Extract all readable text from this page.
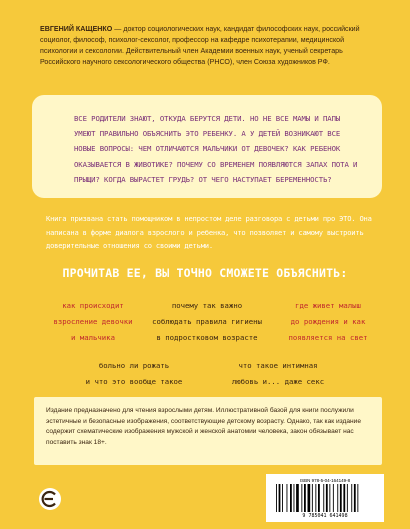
ЕВГЕНИЙ КАЩЕНКО — доктор социологических наук, кандидат философских наук, российский социолог, философ, психолог-сексолог, профессор на кафедре психотерапии, медицинской психологии и сексологии. Действительный член Академии военных наук, ученый секретарь Российского научного сексологического общества (РНСО), член Союза художников РФ.
ВСЕ РОДИТЕЛИ ЗНАЮТ, ОТКУДА БЕРУТСЯ ДЕТИ. НО НЕ ВСЕ МАМЫ И ПАПЫ УМЕЮТ ПРАВИЛЬНО ОБЪЯСНИТЬ ЭТО РЕБЕНКУ. А У ДЕТЕЙ ВОЗНИКАЮТ ВСЕ НОВЫЕ ВОПРОСЫ: ЧЕМ ОТЛИЧАЮТСЯ МАЛЬЧИКИ ОТ ДЕВОЧЕК? КАК РЕБЕНОК ОКАЗЫВАЕТСЯ В ЖИВОТИКЕ? ПОЧЕМУ СО ВРЕМЕНЕМ ПОЯВЛЯЮТСЯ ЗАПАХ ПОТА И ПРЫЩИ? КОГДА ВЫРАСТЕТ ГРУДЬ? ОТ ЧЕГО НАСТУПАЕТ БЕРЕМЕННОСТЬ?
Книга призвана стать помощником в непростом деле разговора с детьми про ЭТО. Она написана в форме диалога взрослого и ребенка, что позволяет и самому выстроить доверительные отношения со своими детьми.
ПРОЧИТАВ ЕЕ, ВЫ ТОЧНО СМОЖЕТЕ ОБЪЯСНИТЬ:
как происходит
взросление девочки
и мальчика
почему так важно
соблюдать правила гигиены
в подростковом возрасте
где живет малыш
до рождения и как
появляется на свет
больно ли рожать
и что это вообще такое
что такое интимная
любовь и... даже секс
Издание предназначено для чтения взрослыми детям. Иллюстративной базой для книги послужили эстетичные и безопасные изображения, соответствующие детскому возрасту. Однако, так как издание содержит схематические изображения мужской и женской анатомии человека, закон обязывает нас поставить знак 18+.
ISBN 978-5-04-164149-8
9 785041 641498
